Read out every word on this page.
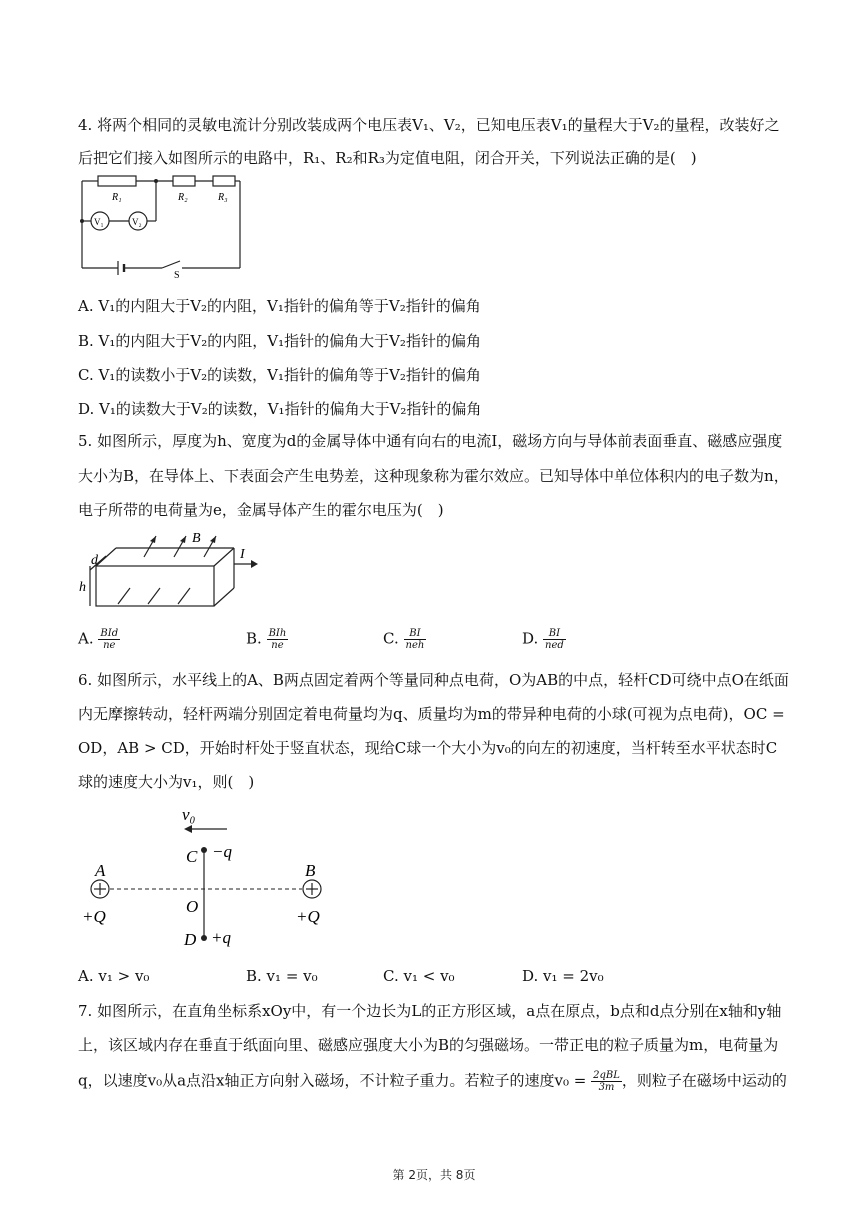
4. 将两个相同的灵敏电流计分别改装成两个电压表V₁、V₂，已知电压表V₁的量程大于V₂的量程，改装好之
后把它们接入如图所示的电路中，R₁、R₂和R₃为定值电阻，闭合开关，下列说法正确的是(　)
R₁	R₂	R₃
V₁	V₂
S
A. V₁的内阻大于V₂的内阻，V₁指针的偏角等于V₂指针的偏角
B. V₁的内阻大于V₂的内阻，V₁指针的偏角大于V₂指针的偏角
C. V₁的读数小于V₂的读数，V₁指针的偏角等于V₂指针的偏角
D. V₁的读数大于V₂的读数，V₁指针的偏角大于V₂指针的偏角
5. 如图所示，厚度为h、宽度为d的金属导体中通有向右的电流I，磁场方向与导体前表面垂直、磁感应强度
大小为B，在导体上、下表面会产生电势差，这种现象称为霍尔效应。已知导体中单位体积内的电子数为n，
电子所带的电荷量为e，金属导体产生的霍尔电压为(　)
B
I
d
h
A. $\frac{\text{BId}}{ne}$	B. $\frac{\text{BIh}}{ne}$	C. $\frac{BI}{\text{neh}}$	D. $\frac{BI}{\text{ned}}$
6. 如图所示，水平线上的A、B两点固定着两个等量同种点电荷，O为AB的中点，轻杆CD可绕中点O在纸面
内无摩擦转动，轻杆两端分别固定着电荷量均为q、质量均为m的带异种电荷的小球(可视为点电荷)，OC =
OD，AB > CD，开始时杆处于竖直状态，现给C球一个大小为v₀的向左的初速度，当杆转至水平状态时C
球的速度大小为v₁，则(　)
v₀
C −q
A	B
+Q	+Q
O
D +q
A. v₁ > v₀	B. v₁ = v₀	C. v₁ < v₀	D. v₁ = 2v₀
7. 如图所示，在直角坐标系xOy中，有一个边长为L的正方形区域，a点在原点，b点和d点分别在x轴和y轴
上，该区域内存在垂直于纸面向里、磁感应强度大小为B的匀强磁场。一带正电的粒子质量为m，电荷量为
q，以速度v₀从a点沿x轴正方向射入磁场，不计粒子重力。若粒子的速度$v_0 = \frac{\text{2qBL}}{3m}$ ，则粒子在磁场中运动的
第 2页，共 8页
